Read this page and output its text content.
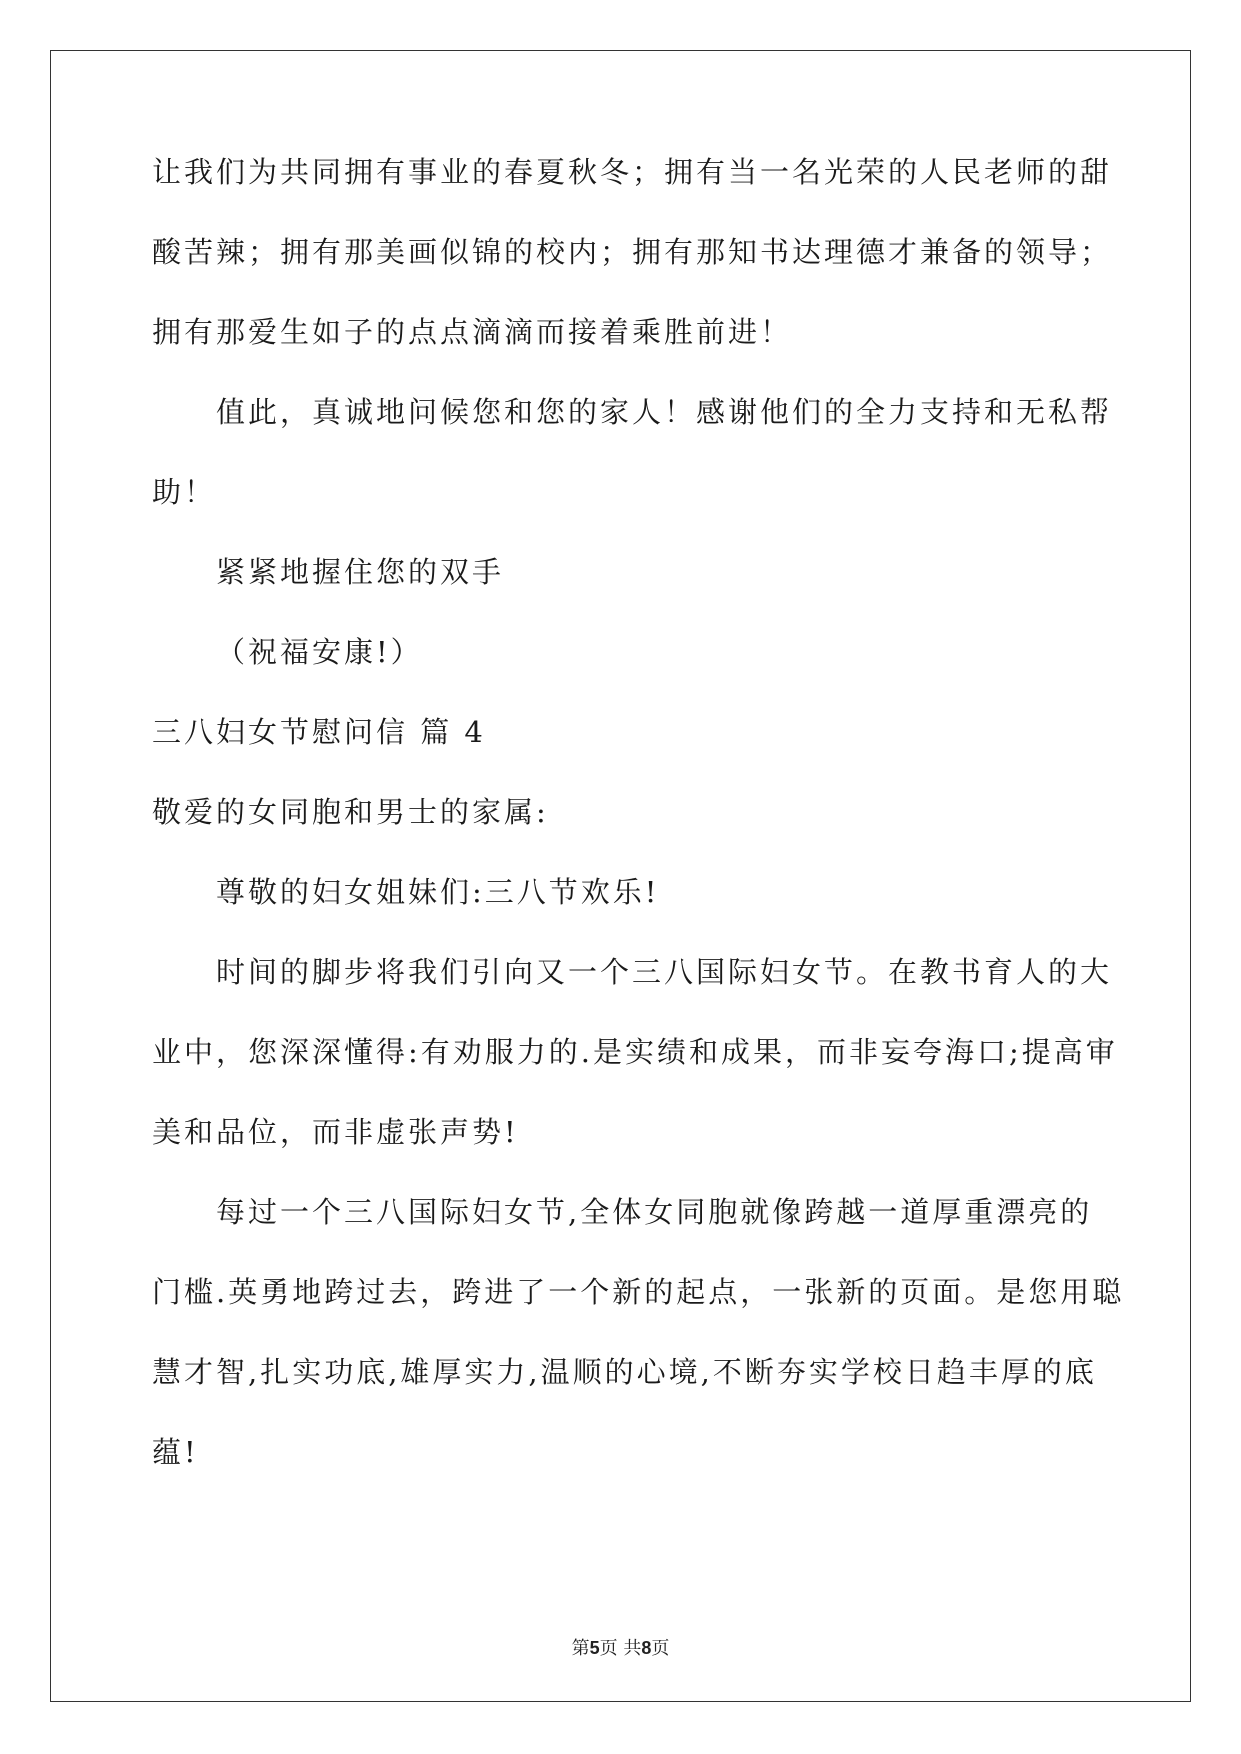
让我们为共同拥有事业的春夏秋冬；拥有当一名光荣的人民老师的甜
酸苦辣；拥有那美画似锦的校内；拥有那知书达理德才兼备的领导；
拥有那爱生如子的点点滴滴而接着乘胜前进！
值此，真诚地问候您和您的家人！感谢他们的全力支持和无私帮
助！
紧紧地握住您的双手
（祝福安康!）
三八妇女节慰问信 篇 4
敬爱的女同胞和男士的家属:
尊敬的妇女姐妹们:三八节欢乐!
时间的脚步将我们引向又一个三八国际妇女节。在教书育人的大
业中，您深深懂得:有劝服力的.是实绩和成果，而非妄夸海口;提高审
美和品位，而非虚张声势!
每过一个三八国际妇女节,全体女同胞就像跨越一道厚重漂亮的
门槛.英勇地跨过去，跨进了一个新的起点，一张新的页面。是您用聪
慧才智,扎实功底,雄厚实力,温顺的心境,不断夯实学校日趋丰厚的底
蕴!
第5页 共8页
